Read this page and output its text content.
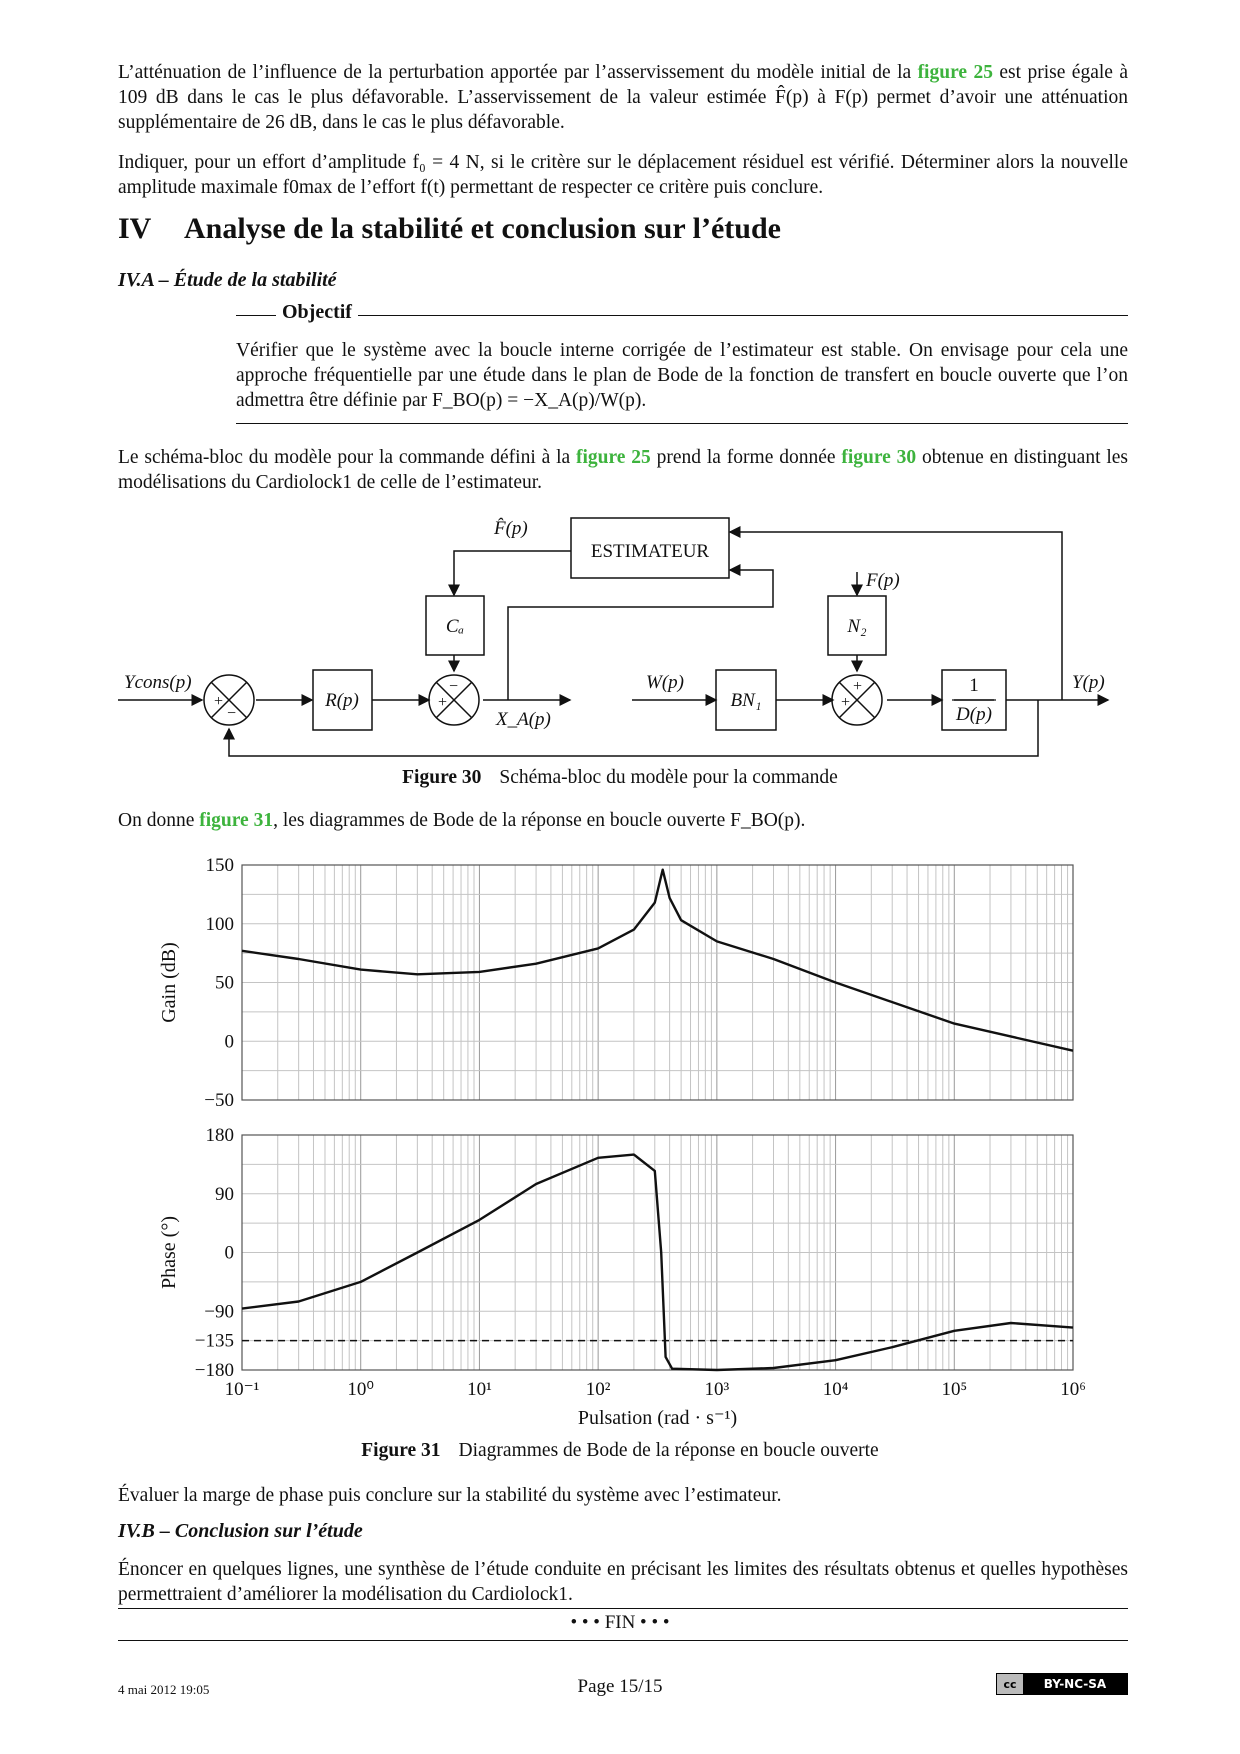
L’atténuation de l’influence de la perturbation apportée par l’asservissement du modèle initial de la figure 25 est prise égale à 109 dB dans le cas le plus défavorable. L’asservissement de la valeur estimée F̂(p) à F(p) permet d’avoir une atténuation supplémentaire de 26 dB, dans le cas le plus défavorable.

Indiquer, pour un effort d’amplitude f₀ = 4 N, si le critère sur le déplacement résiduel est vérifié. Déterminer alors la nouvelle amplitude maximale f0max de l’effort f(t) permettant de respecter ce critère puis conclure.

IV Analyse de la stabilité et conclusion sur l’étude
IV.A – Étude de la stabilité
Objectif

Vérifier que le système avec la boucle interne corrigée de l’estimateur est stable. On envisage pour cela une approche fréquentielle par une étude dans le plan de Bode de la fonction de transfert en boucle ouverte que l’on admettra être définie par F_BO(p) = −X_A(p)/W(p).

Le schéma-bloc du modèle pour la commande défini à la figure 25 prend la forme donnée figure 30 obtenue en distinguant les modélisations du Cardiolock1 de celle de l’estimateur.

ESTIMATEUR
F̂(p)
Cₐ	N₂
F(p)
Ycons(p)
R(p)
X_A(p)
W(p)
BN₁
1
D(p)
Y(p)
+
−
+
−
+
+
Figure 30 Schéma-bloc du modèle pour la commande

On donne figure 31, les diagrammes de Bode de la réponse en boucle ouverte F_BO(p).

150
100
50
0
−50
Gain (dB)
180
90
0
−90
−135
−180
Phase (°)
10⁻¹	10⁰	10¹	10²	10³	10⁴	10⁵	10⁶
Pulsation (rad · s⁻¹)
Figure 31 Diagrammes de Bode de la réponse en boucle ouverte

Évaluer la marge de phase puis conclure sur la stabilité du système avec l’estimateur.

IV.B – Conclusion sur l’étude

Énoncer en quelques lignes, une synthèse de l’étude conduite en précisant les limites des résultats obtenus et quelles hypothèses permettraient d’améliorer la modélisation du Cardiolock1.

• • • FIN • • •
4 mai 2012 19:05	Page 15/15	cc	BY-NC-SA
